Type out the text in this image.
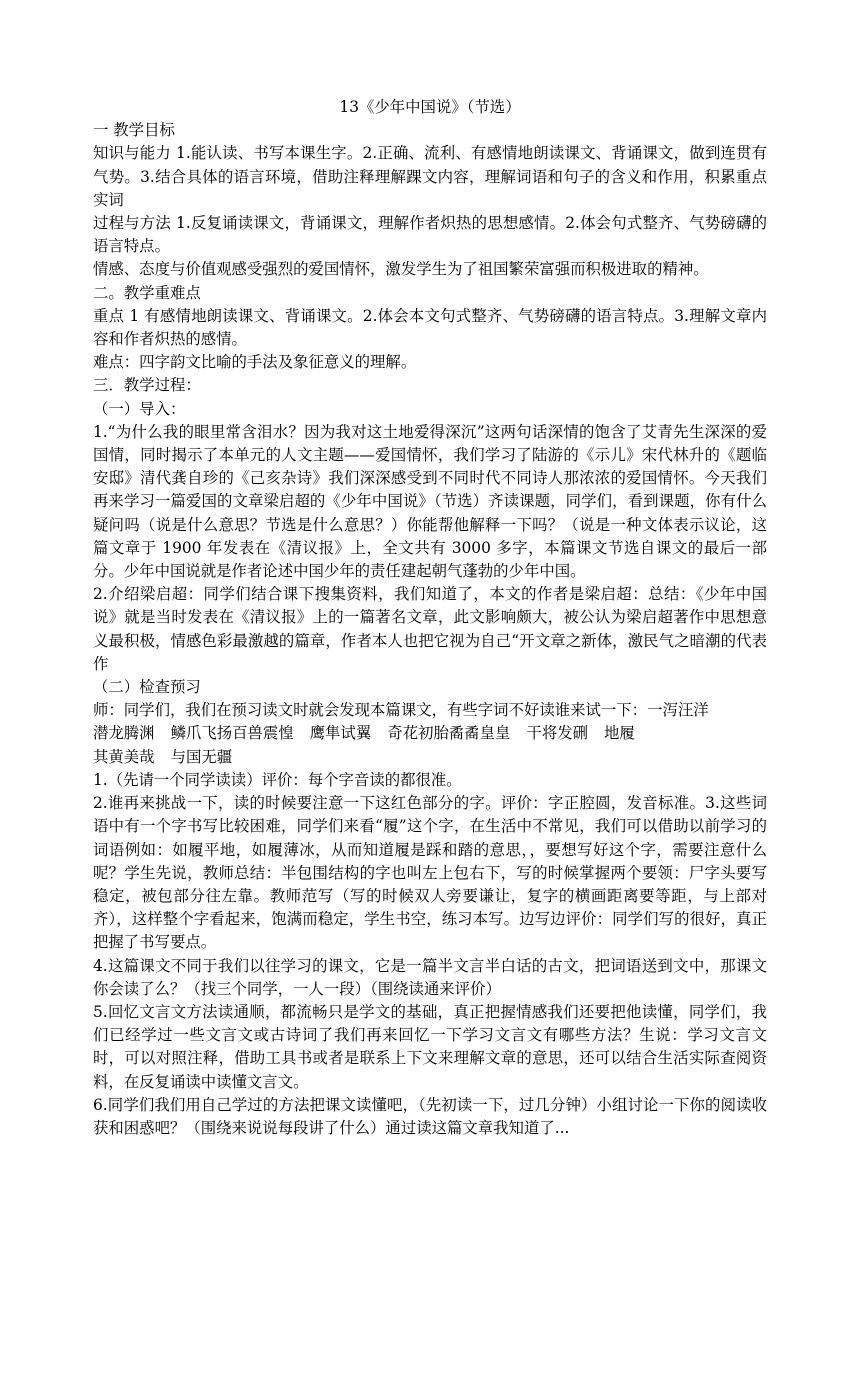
13《少年中国说》（节选）

一 教学目标

知识与能力 1.能认读、书写本课生字。2.正确、流利、有感情地朗读课文、背诵课文，做到连贯有气势。3.结合具体的语言环境，借助注释理解踝文内容，理解词语和句子的含义和作用，积累重点实词

过程与方法 1.反复诵读课文，背诵课文，理解作者炽热的思想感情。2.体会句式整齐、气势磅礴的语言特点。

情感、态度与价值观感受强烈的爱国情怀，激发学生为了祖国繁荣富强而积极进取的精神。

二。教学重难点

重点 1 有感情地朗读课文、背诵课文。2.体会本文句式整齐、气势磅礴的语言特点。3.理解文章内容和作者炽热的感情。

难点：四字韵文比喻的手法及象征意义的理解。

三．教学过程：

（一）导入：

1.“为什么我的眼里常含泪水？因为我对这土地爱得深沉”这两句话深情的饱含了艾青先生深深的爱国情，同时揭示了本单元的人文主题——爱国情怀，我们学习了陆游的《示儿》宋代林升的《题临安邸》清代龚自珍的《己亥杂诗》我们深深感受到不同时代不同诗人那浓浓的爱国情怀。今天我们再来学习一篇爱国的文章梁启超的《少年中国说》（节选）齐读课题，同学们，看到课题，你有什么疑问吗（说是什么意思？节选是什么意思？）你能帮他解释一下吗？（说是一种文体表示议论，这篇文章于 1900 年发表在《清议报》上，全文共有 3000 多字，本篇课文节选自课文的最后一部分。少年中国说就是作者论述中国少年的责任建起朝气蓬勃的少年中国。

2.介绍梁启超：同学们结合课下搜集资料，我们知道了，本文的作者是梁启超：总结：《少年中国说》就是当时发表在《清议报》上的一篇著名文章，此文影响颇大，被公认为梁启超著作中思想意义最积极，情感色彩最激越的篇章，作者本人也把它视为自己“开文章之新体，激民气之暗潮的代表作

（二）检查预习

师：同学们，我们在预习读文时就会发现本篇课文，有些字词不好读谁来试一下：一泻汪洋

潜龙腾渊 鳞爪飞扬百兽震惶 鹰隼试翼 奇花初胎矞矞皇皇 干将发硎 地履

其黄美哉 与国无疆

1.（先请一个同学读读）评价：每个字音读的都很准。

2.谁再来挑战一下，读的时候要注意一下这红色部分的字。评价：字正腔圆，发音标准。3.这些词语中有一个字书写比较困难，同学们来看“履”这个字，在生活中不常见，我们可以借助以前学习的词语例如：如履平地，如履薄冰，从而知道履是踩和踏的意思，，要想写好这个字，需要注意什么呢？学生先说，教师总结：半包围结构的字也叫左上包右下，写的时候掌握两个要领：尸字头要写稳定，被包部分往左靠。教师范写（写的时候双人旁要谦让，复字的横画距离要等距，与上部对齐），这样整个字看起来，饱满而稳定，学生书空，练习本写。边写边评价：同学们写的很好，真正把握了书写要点。

4.这篇课文不同于我们以往学习的课文，它是一篇半文言半白话的古文，把词语送到文中，那课文你会读了么？（找三个同学，一人一段）（围绕读通来评价）

5.回忆文言文方法读通顺，都流畅只是学文的基础，真正把握情感我们还要把他读懂，同学们，我们已经学过一些文言文或古诗词了我们再来回忆一下学习文言文有哪些方法？生说：学习文言文时，可以对照注释，借助工具书或者是联系上下文来理解文章的意思，还可以结合生活实际查阅资料，在反复诵读中读懂文言文。

6.同学们我们用自己学过的方法把课文读懂吧，（先初读一下，过几分钟）小组讨论一下你的阅读收获和困惑吧？（围绕来说说每段讲了什么）通过读这篇文章我知道了...
